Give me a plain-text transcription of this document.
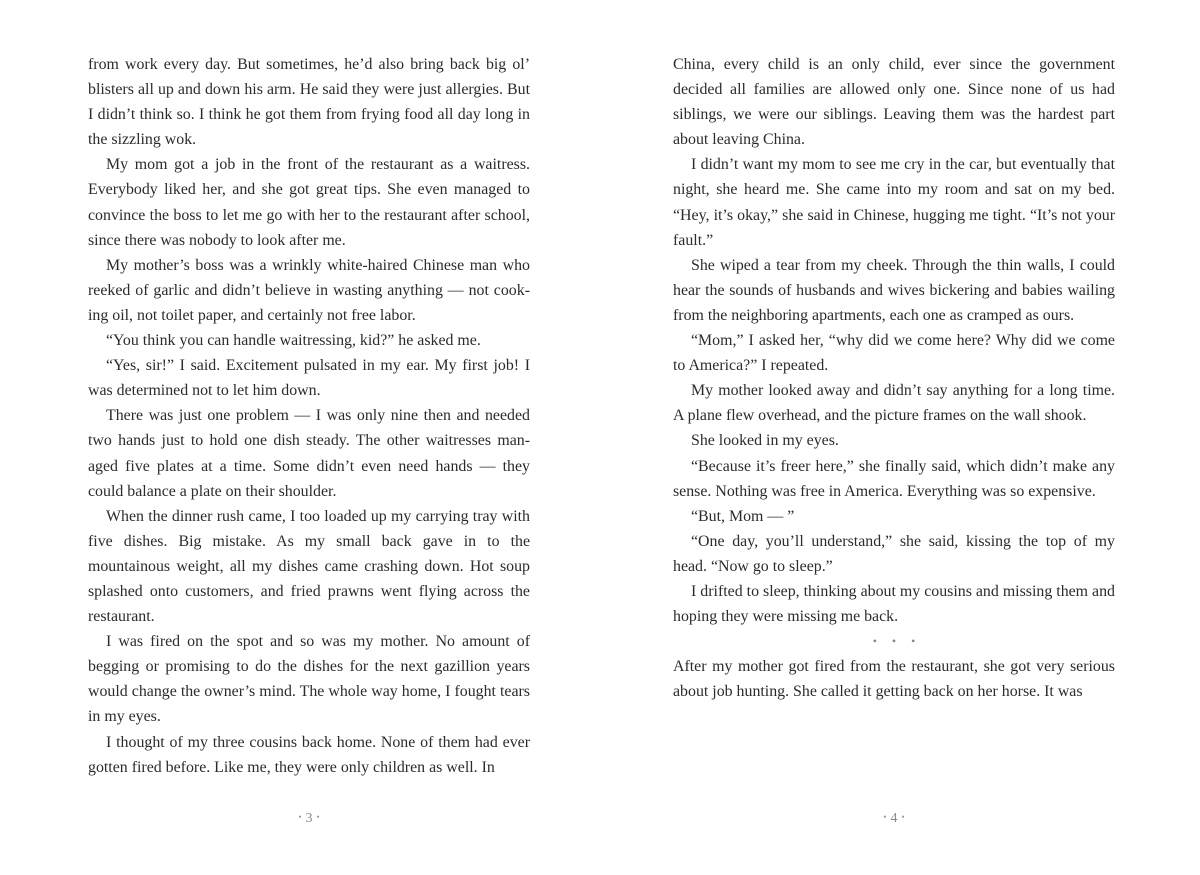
from work every day. But sometimes, he’d also bring back big ol’ blisters all up and down his arm. He said they were just allergies. But I didn’t think so. I think he got them from frying food all day long in the sizzling wok.

My mom got a job in the front of the restaurant as a waitress. Everybody liked her, and she got great tips. She even managed to convince the boss to let me go with her to the restaurant after school, since there was nobody to look after me.

My mother’s boss was a wrinkly white-haired Chinese man who reeked of garlic and didn’t believe in wasting anything — not cook-ing oil, not toilet paper, and certainly not free labor.

“You think you can handle waitressing, kid?” he asked me.

“Yes, sir!” I said. Excitement pulsated in my ear. My first job! I was determined not to let him down.

There was just one problem — I was only nine then and needed two hands just to hold one dish steady. The other waitresses man-aged five plates at a time. Some didn’t even need hands — they could balance a plate on their shoulder.

When the dinner rush came, I too loaded up my carrying tray with five dishes. Big mistake. As my small back gave in to the mountainous weight, all my dishes came crashing down. Hot soup splashed onto customers, and fried prawns went flying across the restaurant.

I was fired on the spot and so was my mother. No amount of begging or promising to do the dishes for the next gazillion years would change the owner’s mind. The whole way home, I fought tears in my eyes.

I thought of my three cousins back home. None of them had ever gotten fired before. Like me, they were only children as well. In

• 3 •

China, every child is an only child, ever since the government decided all families are allowed only one. Since none of us had siblings, we were our siblings. Leaving them was the hardest part about leaving China.

I didn’t want my mom to see me cry in the car, but eventually that night, she heard me. She came into my room and sat on my bed. “Hey, it’s okay,” she said in Chinese, hugging me tight. “It’s not your fault.”

She wiped a tear from my cheek. Through the thin walls, I could hear the sounds of husbands and wives bickering and babies wailing from the neighboring apartments, each one as cramped as ours.

“Mom,” I asked her, “why did we come here? Why did we come to America?” I repeated.

My mother looked away and didn’t say anything for a long time. A plane flew overhead, and the picture frames on the wall shook.

She looked in my eyes.

“Because it’s freer here,” she finally said, which didn’t make any sense. Nothing was free in America. Everything was so expensive.

“But, Mom — ”

“One day, you’ll understand,” she said, kissing the top of my head. “Now go to sleep.”

I drifted to sleep, thinking about my cousins and missing them and hoping they were missing me back.

• • •

After my mother got fired from the restaurant, she got very serious about job hunting. She called it getting back on her horse. It was

• 4 •
